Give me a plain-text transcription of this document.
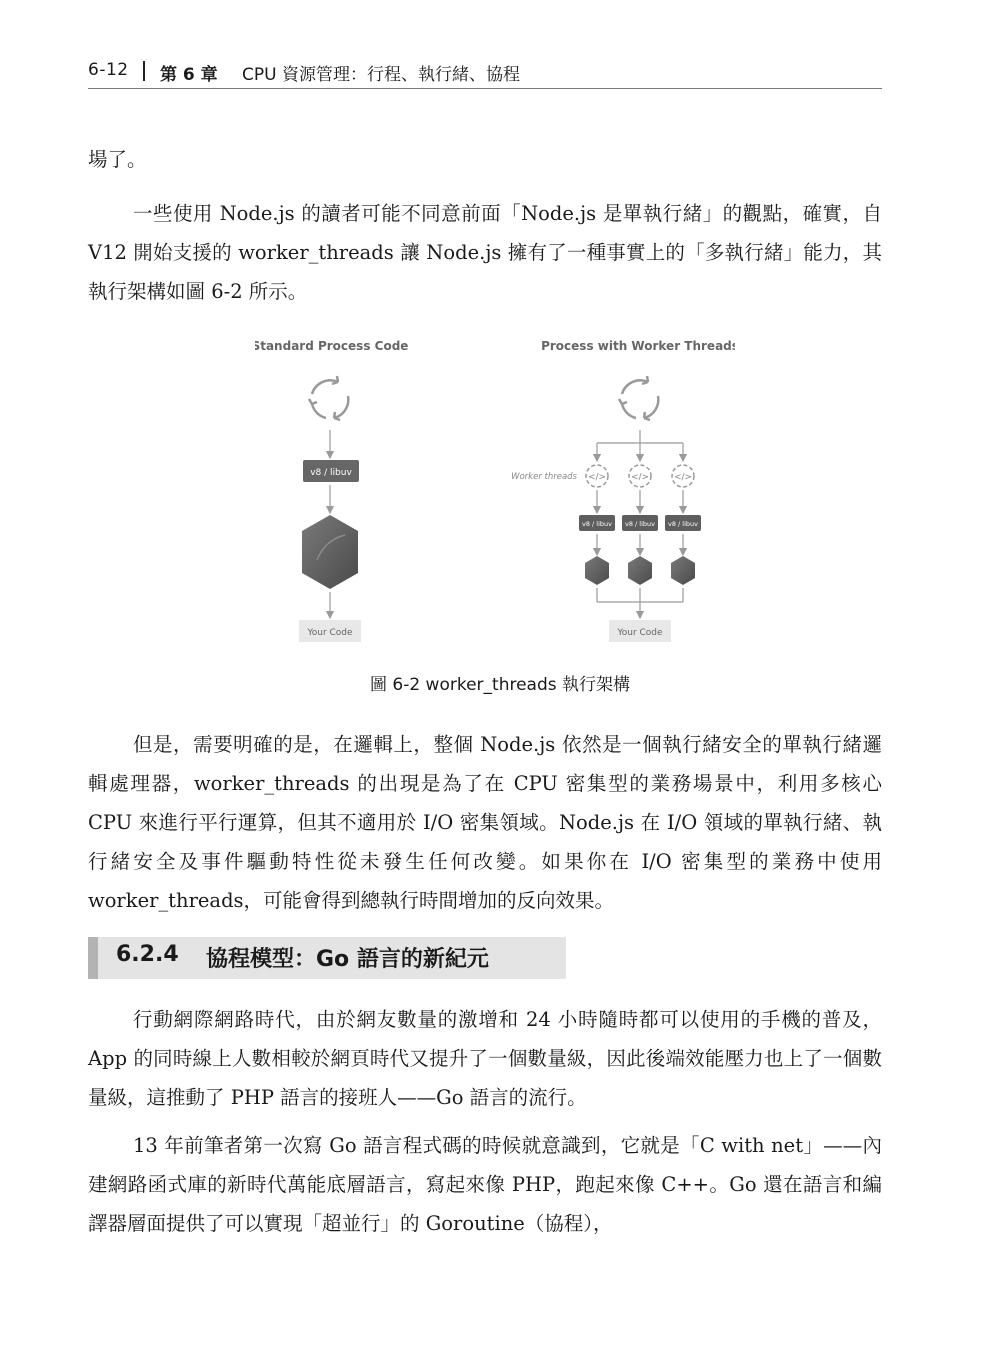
6-12 第 6 章 CPU 資源管理：行程、執行緒、協程

場了。

一些使用 Node.js 的讀者可能不同意前面「Node.js 是單執行緒」的觀點，確實，自 V12 開始支援的 worker_threads 讓 Node.js 擁有了一種事實上的「多執行緒」能力，其執行架構如圖 6-2 所示。

Standard Process Code
v8 / libuv
Your Code
Process with Worker Threads
Worker threads </>	</>	</>
v8 / libuv v8 / libuv v8 / libuv
Your Code
圖 6-2 worker_threads 執行架構

但是，需要明確的是，在邏輯上，整個 Node.js 依然是一個執行緒安全的單執行緒邏輯處理器，worker_threads 的出現是為了在 CPU 密集型的業務場景中，利用多核心 CPU 來進行平行運算，但其不適用於 I/O 密集領域。Node.js 在 I/O 領域的單執行緒、執行緒安全及事件驅動特性從未發生任何改變。如果你在 I/O 密集型的業務中使用 worker_threads，可能會得到總執行時間增加的反向效果。

6.2.4 協程模型：Go 語言的新紀元

行動網際網路時代，由於網友數量的激增和 24 小時隨時都可以使用的手機的普及，App 的同時線上人數相較於網頁時代又提升了一個數量級，因此後端效能壓力也上了一個數量級，這推動了 PHP 語言的接班人——Go 語言的流行。

13 年前筆者第一次寫 Go 語言程式碼的時候就意識到，它就是「C with net」——內建網路函式庫的新時代萬能底層語言，寫起來像 PHP，跑起來像 C++。Go 還在語言和編譯器層面提供了可以實現「超並行」的 Goroutine（協程），
